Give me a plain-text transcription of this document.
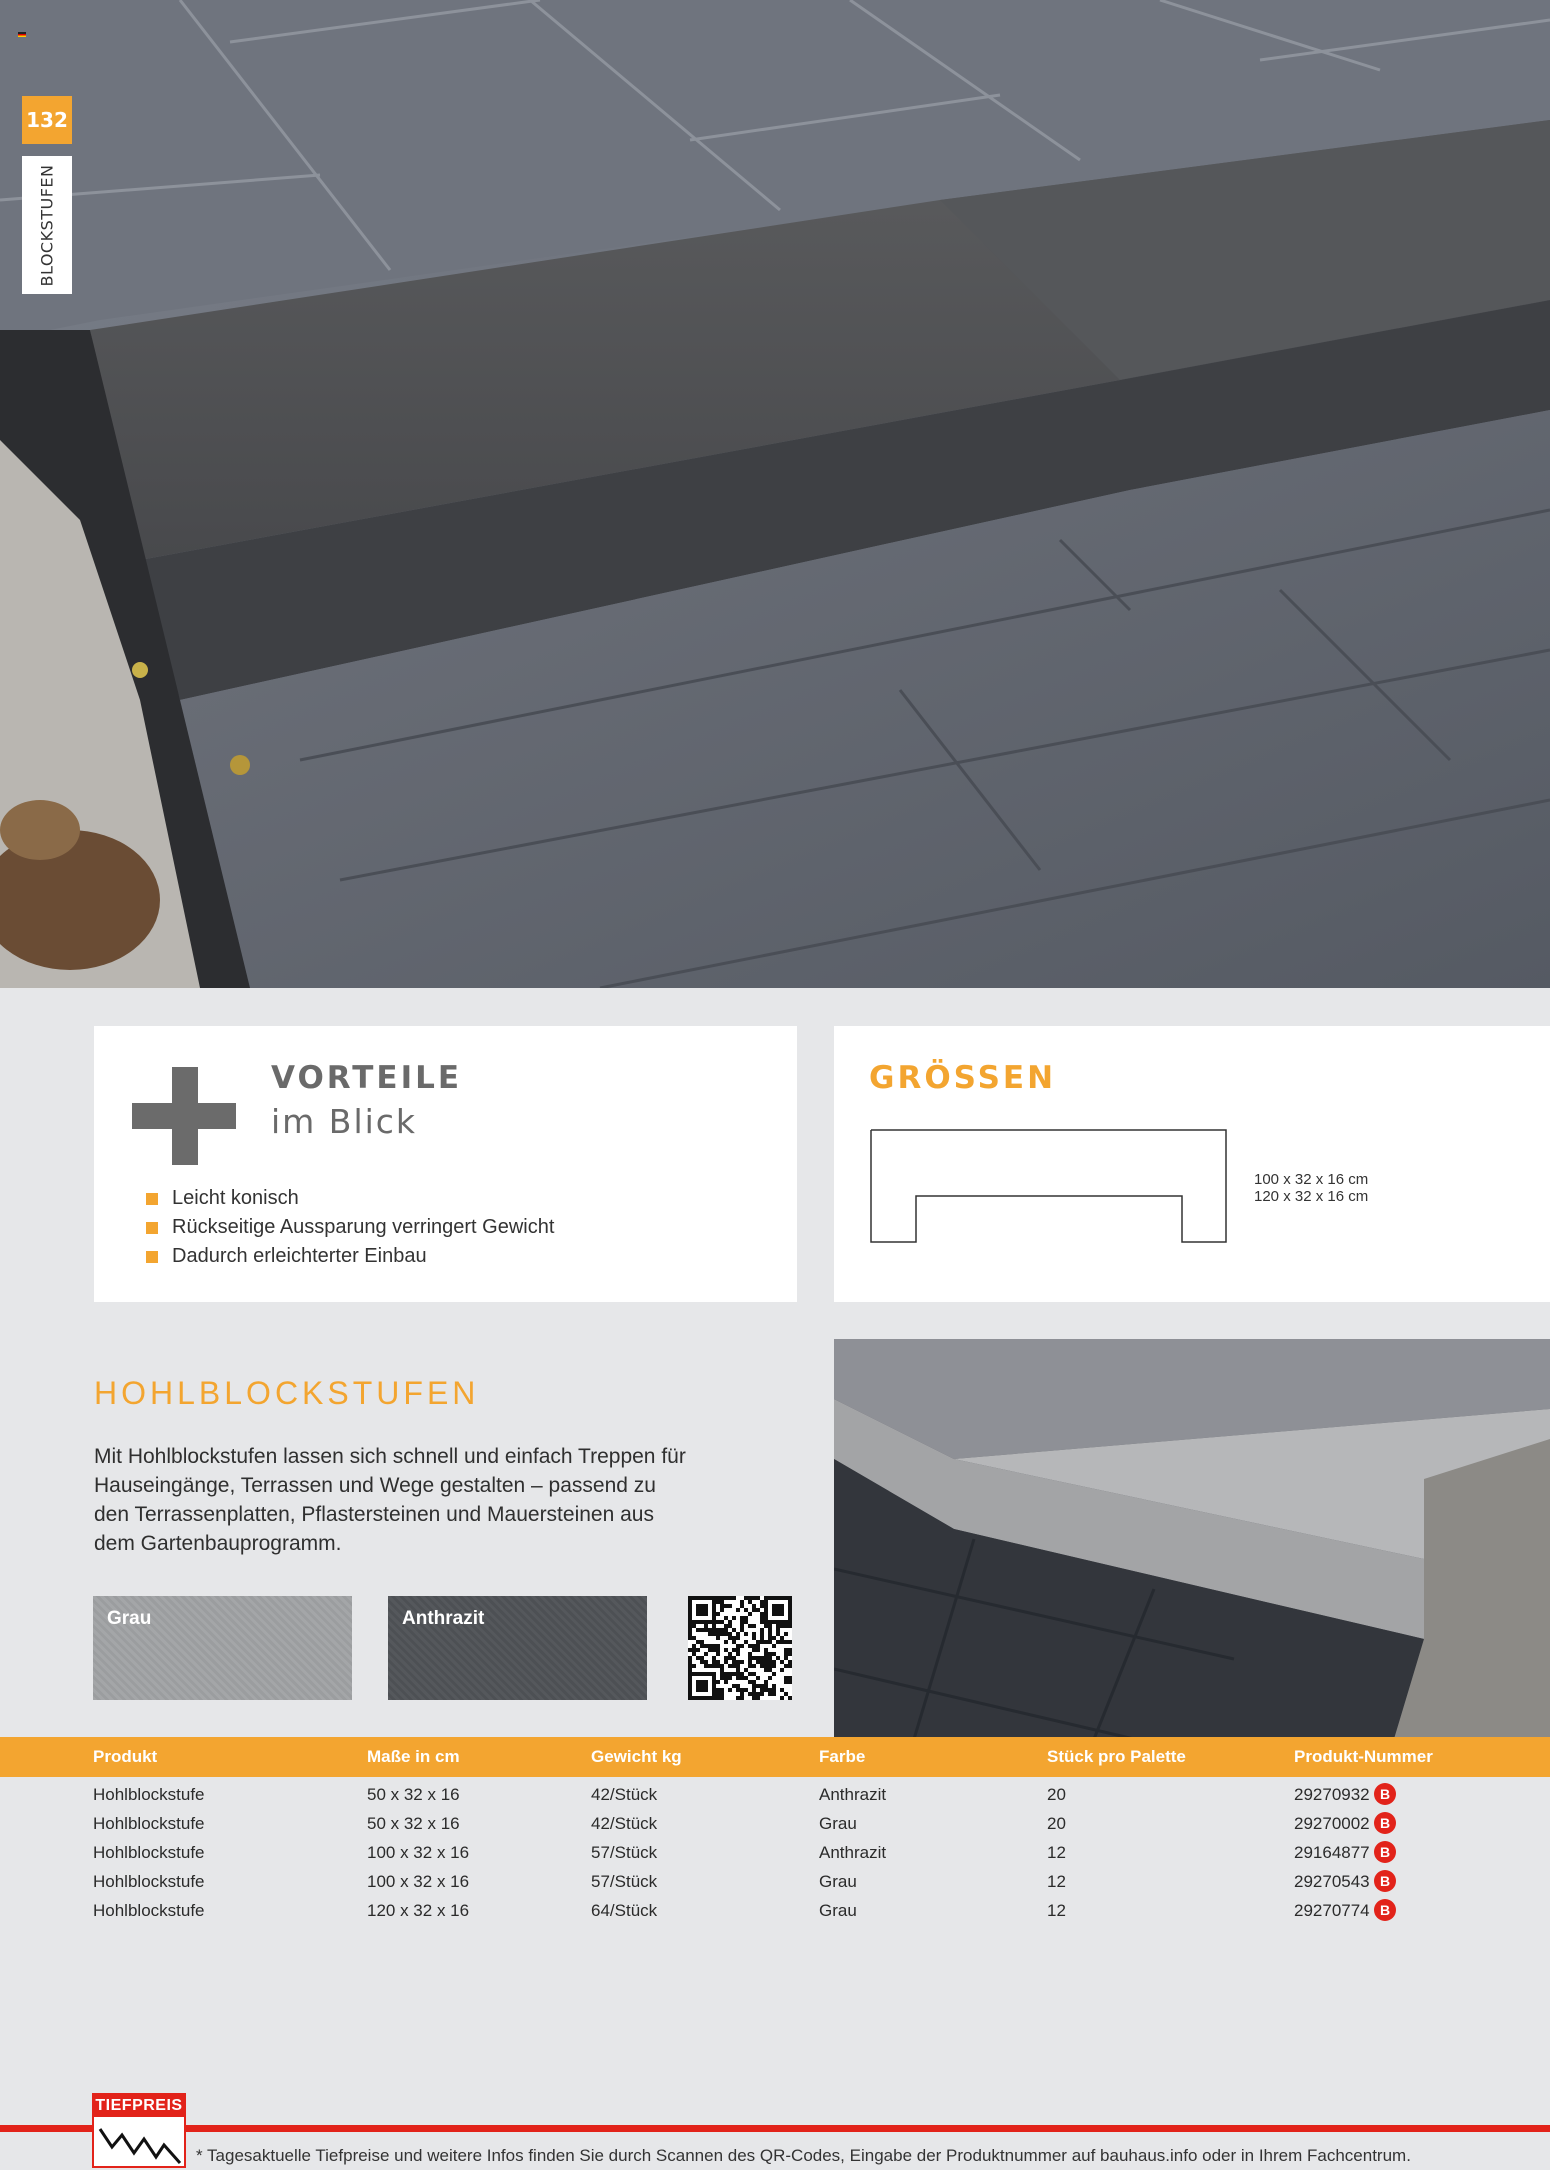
132
BLOCKSTUFEN
VORTEILE
im Blick
Leicht konisch
Rückseitige Aussparung verringert Gewicht
Dadurch erleichterter Einbau
GRÖSSEN
100 x 32 x 16 cm
120 x 32 x 16 cm
HOHLBLOCKSTUFEN
Mit Hohlblockstufen lassen sich schnell und einfach Treppen für Hauseingänge, Terrassen und Wege gestalten – passend zu den Terrassenplatten, Pflastersteinen und Mauersteinen aus dem Gartenbauprogramm.
Grau	Anthrazit
Produkt	Maße in cm	Gewicht kg	Farbe	Stück pro Palette	Produkt-Nummer
Hohlblockstufe	50 x 32 x 16	42/Stück	Anthrazit	20	29270932 B
Hohlblockstufe	50 x 32 x 16	42/Stück	Grau	20	29270002 B
Hohlblockstufe	100 x 32 x 16	57/Stück	Anthrazit	12	29164877 B
Hohlblockstufe	100 x 32 x 16	57/Stück	Grau	12	29270543 B
Hohlblockstufe	120 x 32 x 16	64/Stück	Grau	12	29270774 B
TIEFPREIS
* Tagesaktuelle Tiefpreise und weitere Infos finden Sie durch Scannen des QR-Codes, Eingabe der Produktnummer auf bauhaus.info oder in Ihrem Fachcentrum.
